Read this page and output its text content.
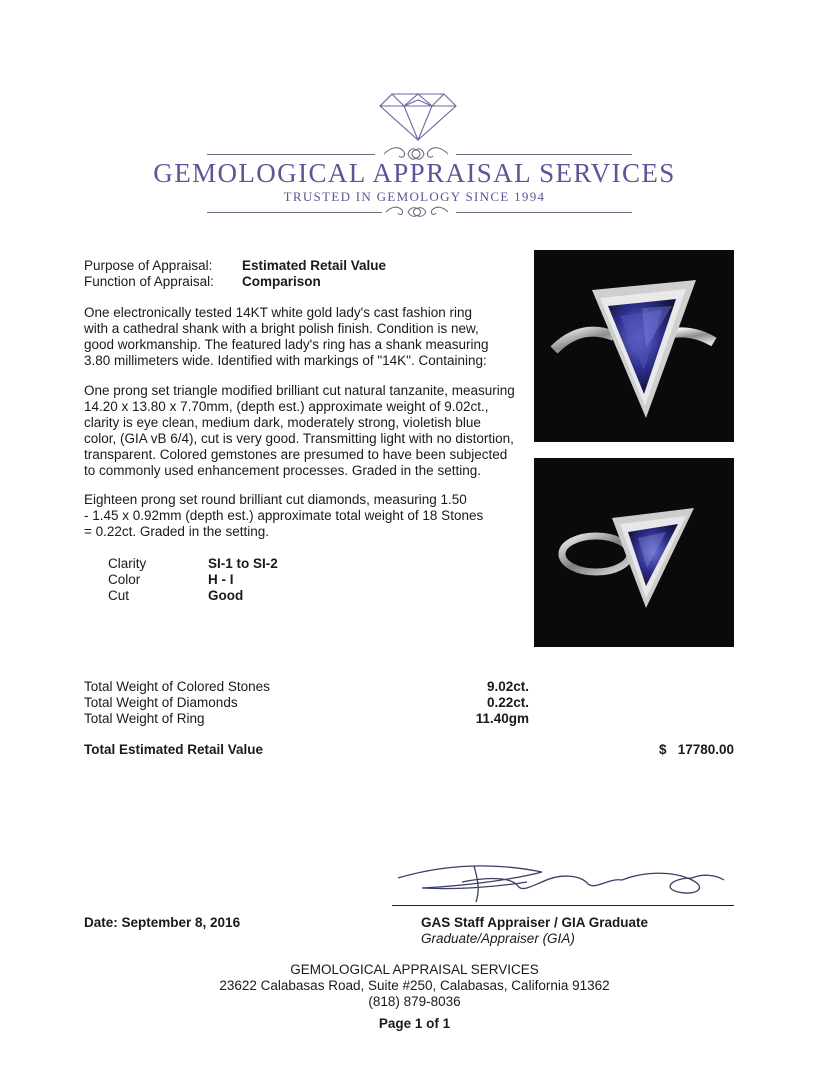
GEMOLOGICAL APPRAISAL SERVICES
TRUSTED IN GEMOLOGY SINCE 1994
Purpose of Appraisal: Estimated Retail Value
Function of Appraisal: Comparison
One electronically tested 14KT white gold lady's cast fashion ring
with a cathedral shank with a bright polish finish. Condition is new,
good workmanship. The featured lady's ring has a shank measuring
3.80 millimeters wide. Identified with markings of "14K". Containing:
One prong set triangle modified brilliant cut natural tanzanite, measuring
14.20 x 13.80 x 7.70mm, (depth est.) approximate weight of 9.02ct.,
clarity is eye clean, medium dark, moderately strong, violetish blue
color, (GIA vB 6/4), cut is very good. Transmitting light with no distortion,
transparent. Colored gemstones are presumed to have been subjected
to commonly used enhancement processes. Graded in the setting.
Eighteen prong set round brilliant cut diamonds, measuring 1.50
- 1.45 x 0.92mm (depth est.) approximate total weight of 18 Stones
= 0.22ct. Graded in the setting.
Clarity	SI-1 to SI-2
Color	H - I
Cut	Good
Total Weight of Colored Stones	9.02ct.
Total Weight of Diamonds	0.22ct.
Total Weight of Ring	11.40gm
Total Estimated Retail Value	$ 17780.00
Date: September 8, 2016	GAS Staff Appraiser / GIA Graduate
Graduate/Appraiser (GIA)
GEMOLOGICAL APPRAISAL SERVICES
23622 Calabasas Road, Suite #250, Calabasas, California 91362
(818) 879-8036
Page 1 of 1
